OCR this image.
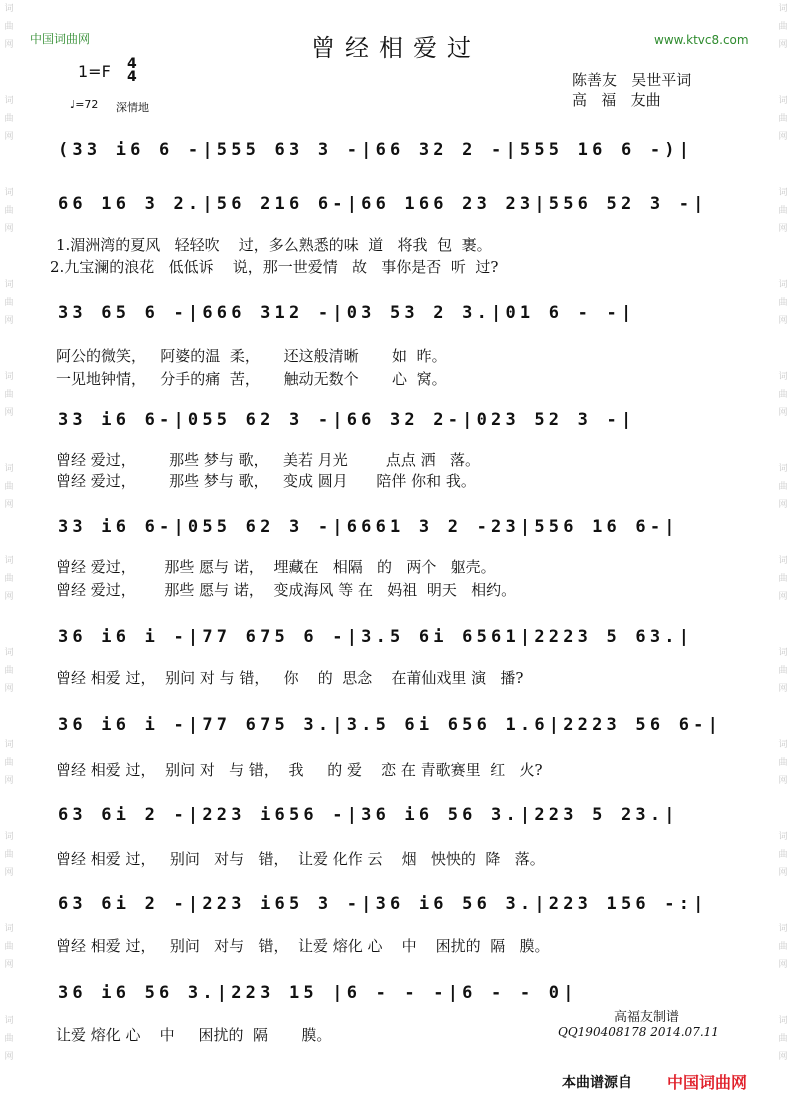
词曲网
词曲网
词曲网
词曲网
词曲网
词曲网
词曲网
词曲网
词曲网
词曲网
词曲网
词曲网
词曲网
词曲网
词曲网
词曲网
词曲网
词曲网
词曲网
词曲网
词曲网
词曲网
词曲网
词曲网
中国词曲网	www.ktvc8.com
曾经相爱过
1=F 4
4
♩=72 深情地
陈善友   吴世平词
高   福   友曲
(33 i6 6 -|555 63 3 -|66 32 2 -|555 16 6 -)|
66 16 3 2.|56 216 6-|66 166 23 23|556 52 3 -|
1.湄洲湾的夏风   轻轻吹    过，多么熟悉的味  道   将我  包  裹。
2.九宝澜的浪花   低低诉    说，那一世爱情   故   事你是否  听  过?
33 65 6 -|666 312 -|03 53 2 3.|01 6 - -|
阿公的微笑，   阿婆的温  柔，     还这般清晰       如  昨。
一见地钟情，   分手的痛  苦，     触动无数个       心  窝。
33 i6 6-|055 62 3 -|66 32 2-|023 52 3 -|
曾经 爱过，       那些 梦与 歌，   美若 月光        点点 洒   落。
曾经 爱过，       那些 梦与 歌，   变成 圆月      陪伴 你和 我。
33 i6 6-|055 62 3 -|6661 3 2 -23|556 16 6-|
曾经 爱过，      那些 愿与 诺，  埋藏在   相隔   的   两个   躯壳。
曾经 爱过，      那些 愿与 诺，  变成海风 等 在   妈祖  明天   相约。
36 i6 i -|77 675 6 -|3.5 6i 6561|2223 5 63.|
曾经 相爱 过，  别问 对 与 错，   你    的  思念    在莆仙戏里 演   播?
36 i6 i -|77 675 3.|3.5 6i 656 1.6|2223 56 6-|
曾经 相爱 过，  别问 对   与 错，  我     的 爱    恋 在 青歌赛里  红   火?
63 6i 2 -|223 i656 -|36 i6 56 3.|223 5 23.|
曾经 相爱 过，   别问   对与   错，  让爱 化作 云    烟   怏怏的  降   落。
63 6i 2 -|223 i65 3 -|36 i6 56 3.|223 156 -:|
曾经 相爱 过，   别问   对与   错，  让爱 熔化 心    中    困扰的  隔   膜。
36 i6 56 3.|223 15 |6 - - -|6 - - 0|
让爱 熔化 心    中     困扰的  隔       膜。
高福友制谱
QQ190408178 2014.07.11
本曲谱源自 中国词曲网
